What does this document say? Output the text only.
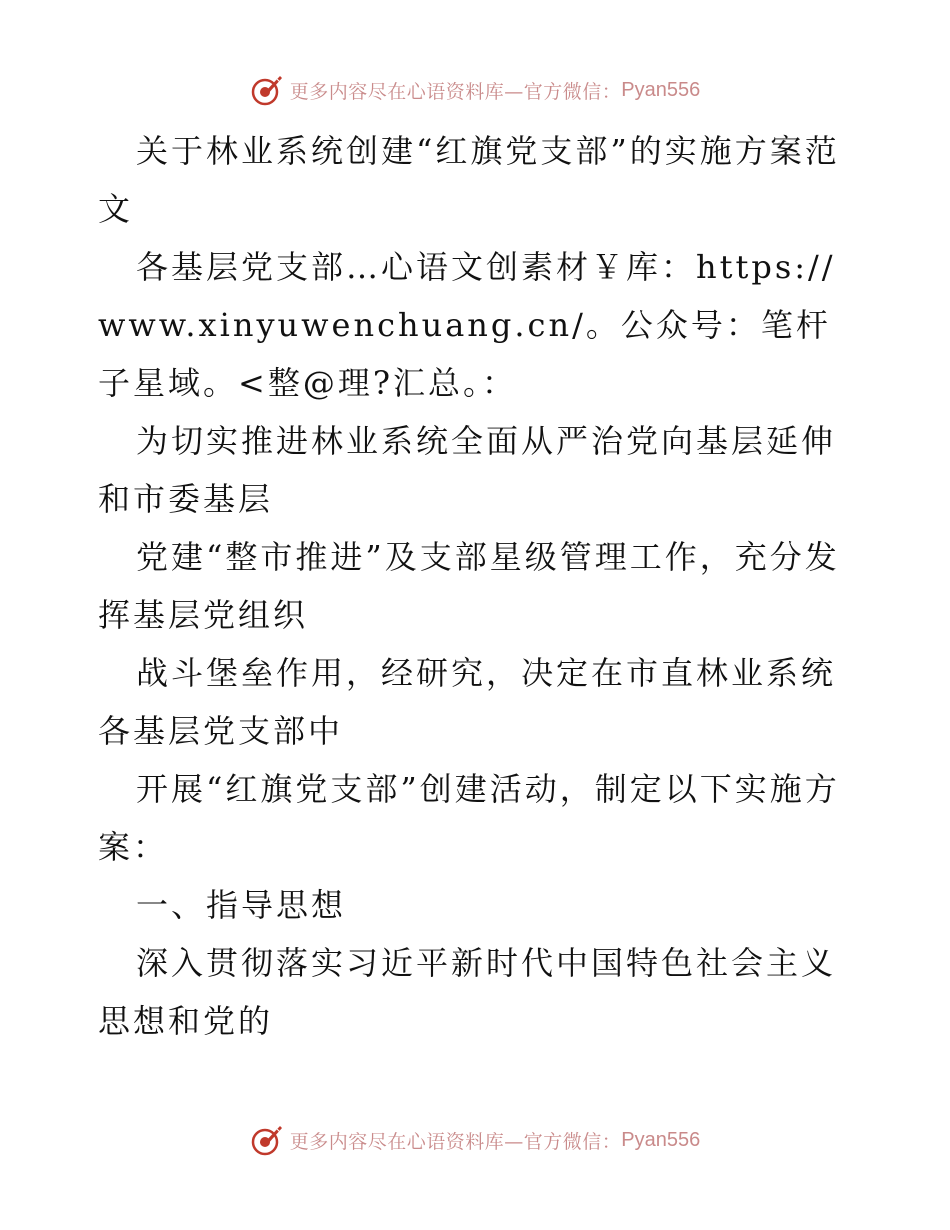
更多内容尽在心语资料库—官方微信： Pyan556

关于林业系统创建“红旗党支部”的实施方案范文

各基层党支部…心语文创素材￥库：https://www.xinyuwenchuang.cn/。公众号：笔杆子星域。<整@理?汇总。：

为切实推进林业系统全面从严治党向基层延伸和市委基层

党建“整市推进”及支部星级管理工作，充分发挥基层党组织

战斗堡垒作用，经研究，决定在市直林业系统各基层党支部中

开展“红旗党支部”创建活动，制定以下实施方案：

一、指导思想

深入贯彻落实习近平新时代中国特色社会主义思想和党的

更多内容尽在心语资料库—官方微信： Pyan556
